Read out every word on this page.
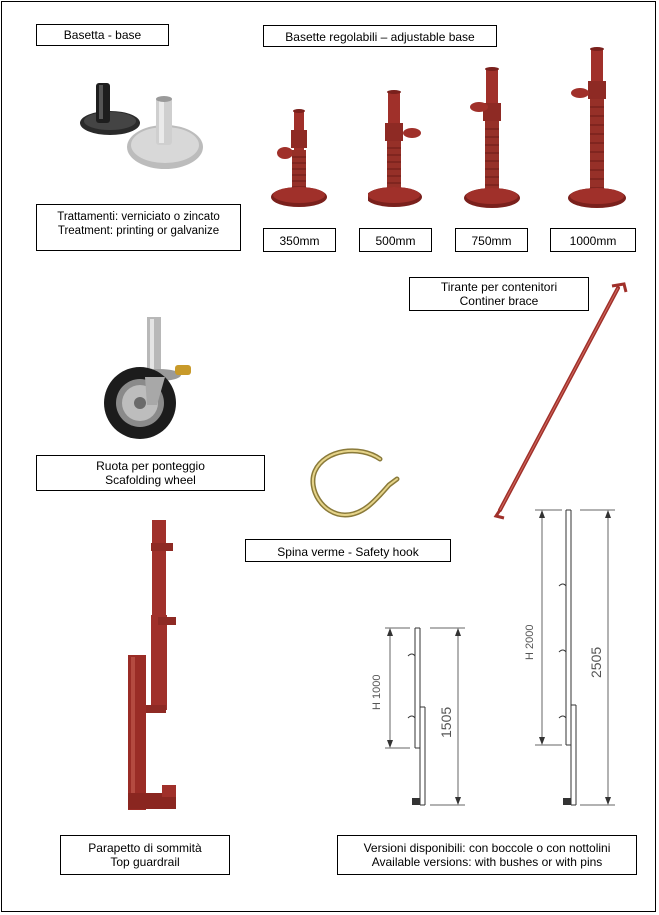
Basetta - base	Basette regolabili – adjustable base
Trattamenti: verniciato o zincato
Treatment: printing or galvanize
350mm	500mm	750mm	1000mm
Tirante per contenitori
Continer brace
Ruota per ponteggio
Scafolding wheel
Spina verme - Safety hook
Parapetto di sommità
Top guardrail
Versioni disponibili: con boccole o con nottolini
Available versions: with bushes or with pins
H 1000
1505
H 2000
2505
